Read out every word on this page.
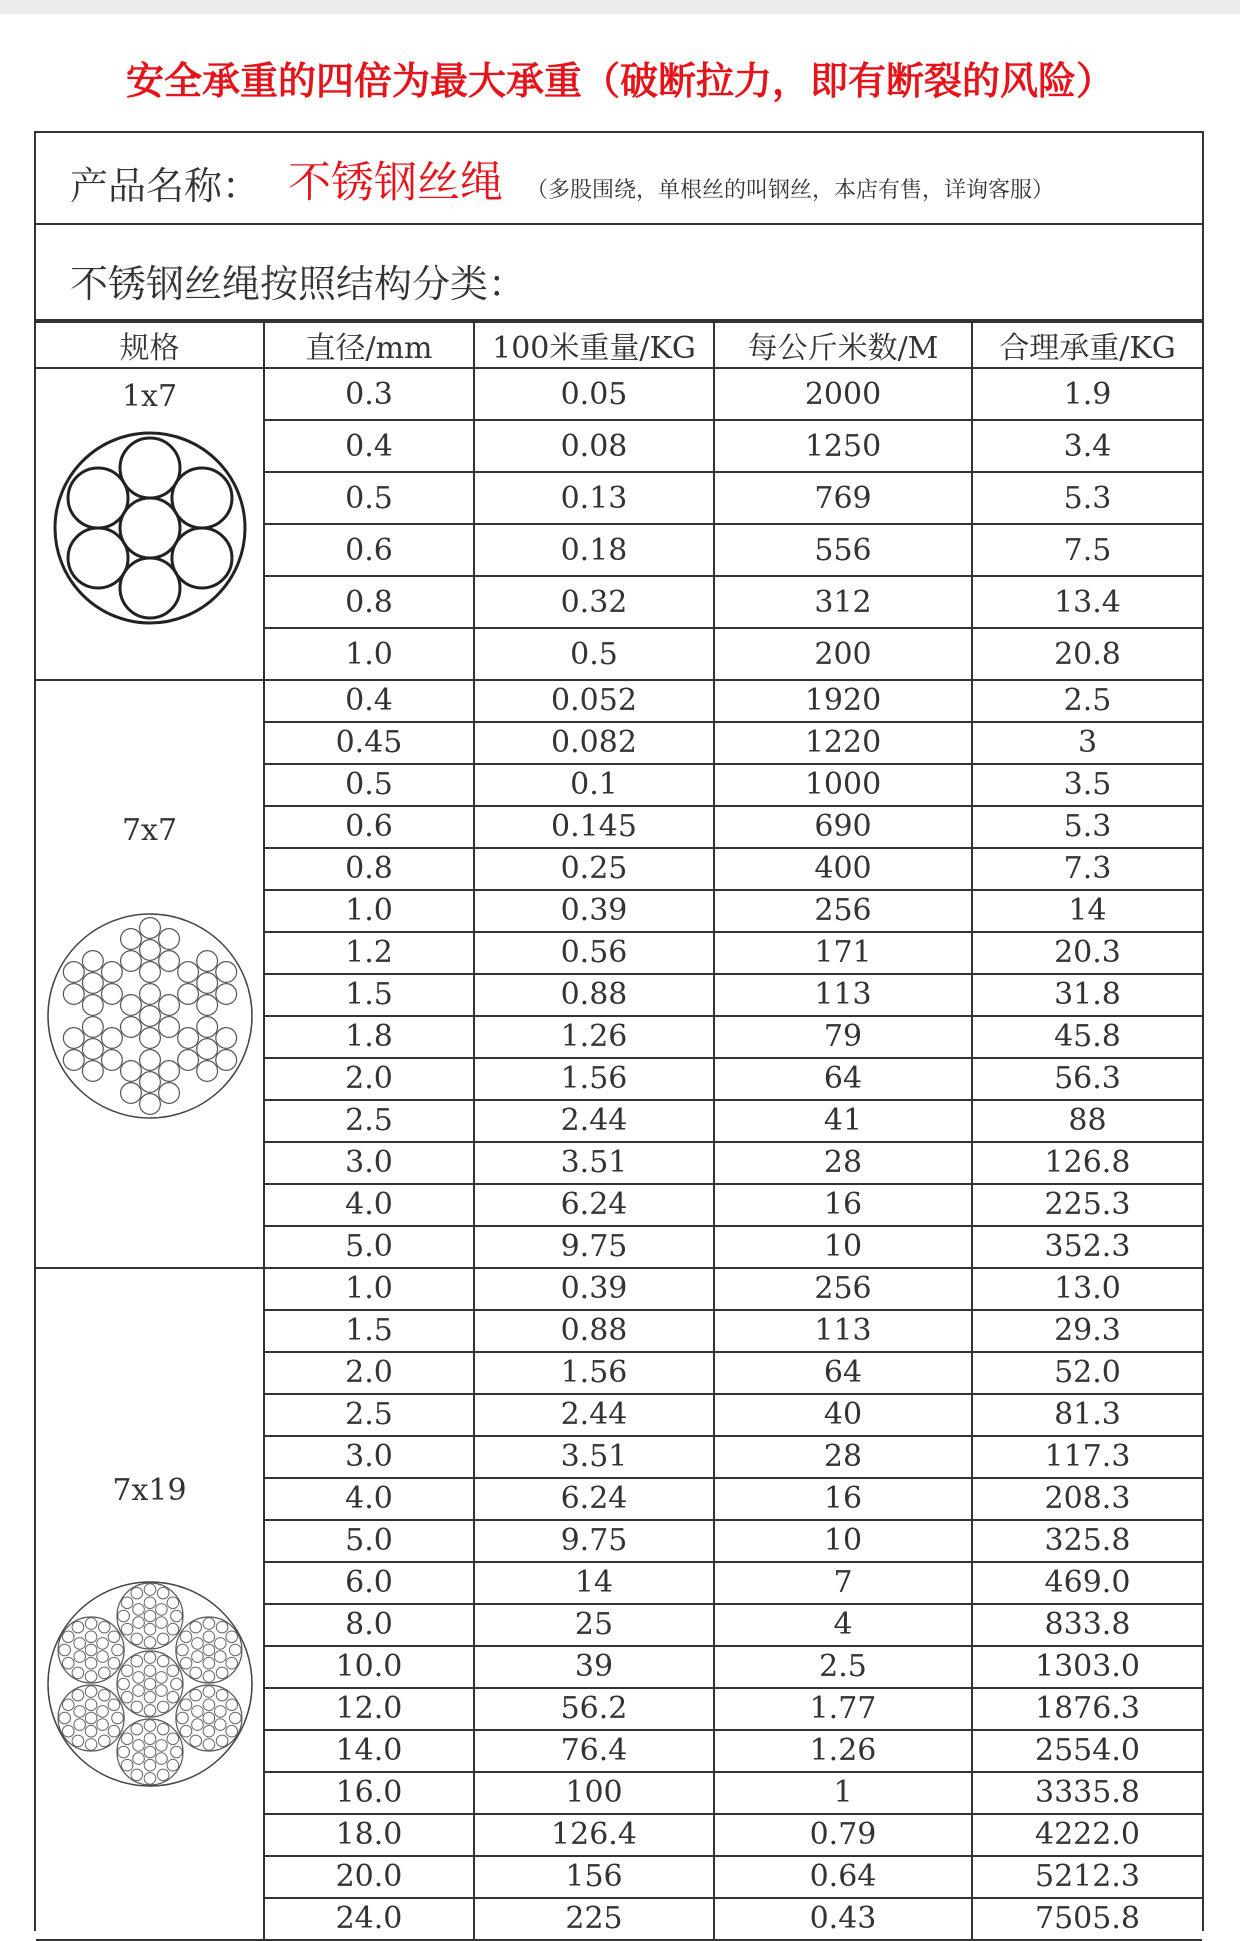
安全承重的四倍为最大承重（破断拉力，即有断裂的风险）
产品名称： 不锈钢丝绳 （多股围绕，单根丝的叫钢丝，本店有售，详询客服）
不锈钢丝绳按照结构分类：
规格	直径/mm	100米重量/KG	每公斤米数/M	合理承重/KG

1x7	0.3	0.05	2000	1.9
	0.4	0.08	1250	3.4
	0.5	0.13	769	5.3
	0.6	0.18	556	7.5
	0.8	0.32	312	13.4
	1.0	0.5	200	20.8

7x7	0.4	0.052	1920	2.5
	0.45	0.082	1220	3
	0.5	0.1	1000	3.5
	0.6	0.145	690	5.3
	0.8	0.25	400	7.3
	1.0	0.39	256	14
	1.2	0.56	171	20.3
	1.5	0.88	113	31.8
	1.8	1.26	79	45.8
	2.0	1.56	64	56.3
	2.5	2.44	41	88
	3.0	3.51	28	126.8
	4.0	6.24	16	225.3
	5.0	9.75	10	352.3

7x19	1.0	0.39	256	13.0
	1.5	0.88	113	29.3
	2.0	1.56	64	52.0
	2.5	2.44	40	81.3
	3.0	3.51	28	117.3
	4.0	6.24	16	208.3
	5.0	9.75	10	325.8
	6.0	14	7	469.0
	8.0	25	4	833.8
	10.0	39	2.5	1303.0
	12.0	56.2	1.77	1876.3
	14.0	76.4	1.26	2554.0
	16.0	100	1	3335.8
	18.0	126.4	0.79	4222.0
	20.0	156	0.64	5212.3
	24.0	225	0.43	7505.8
